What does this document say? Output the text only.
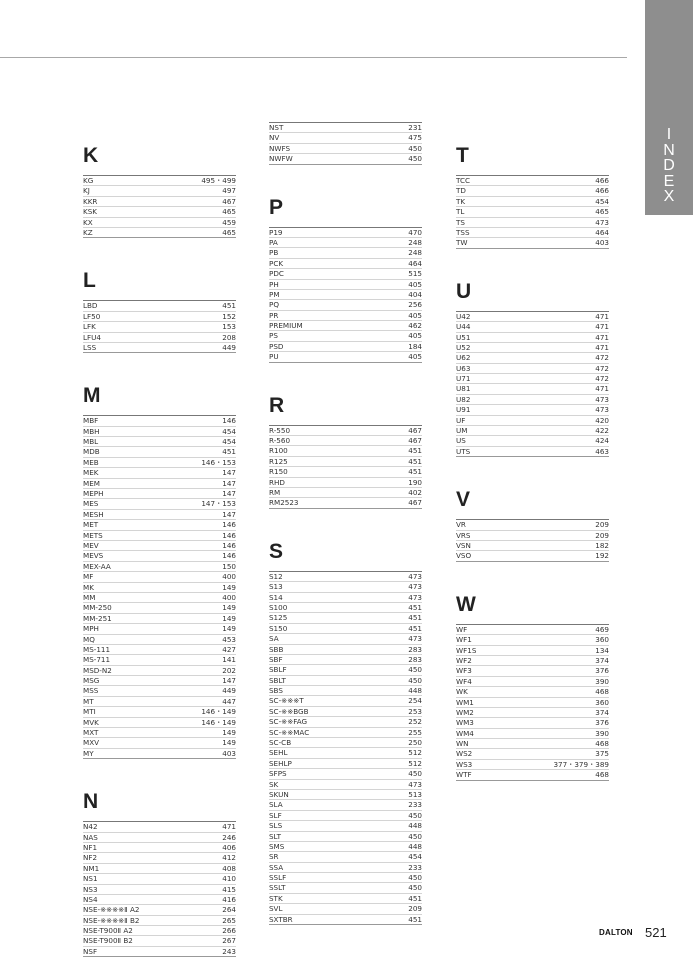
I
N
D
E
X
K
KG	495・499
KJ	497
KKR	467
KSK	465
KX	459
KZ	465
L
LBD	451
LF50	152
LFK	153
LFU4	208
LSS	449
M
MBF	146
MBH	454
MBL	454
MDB	451
MEB	146・153
MEK	147
MEM	147
MEPH	147
MES	147・153
MESH	147
MET	146
METS	146
MEV	146
MEVS	146
MEX-AA	150
MF	400
MK	149
MM	400
MM-250	149
MM-251	149
MPH	149
MQ	453
MS-111	427
MS-711	141
MSD-N2	202
MSG	147
MSS	449
MT	447
MTI	146・149
MVK	146・149
MXT	149
MXV	149
MY	403
N
N42	471
NAS	246
NF1	406
NF2	412
NM1	408
NS1	410
NS3	415
NS4	416
NSE-※※※※Ⅱ A2	264
NSE-※※※※Ⅱ B2	265
NSE-T900Ⅱ A2	266
NSE-T900Ⅱ B2	267
NSF	243
NST	231
NV	475
NWFS	450
NWFW	450
P
P19	470
PA	248
PB	248
PCK	464
PDC	515
PH	405
PM	404
PQ	256
PR	405
PREMIUM	462
PS	405
PSD	184
PU	405
R
R-550	467
R-560	467
R100	451
R125	451
R150	451
RHD	190
RM	402
RM2523	467
S
S12	473
S13	473
S14	473
S100	451
S125	451
S150	451
SA	473
SBB	283
SBF	283
SBLF	450
SBLT	450
SBS	448
SC-※※※T	254
SC-※※BGB	253
SC-※※FAG	252
SC-※※MAC	255
SC-CB	250
SEHL	512
SEHLP	512
SFPS	450
SK	473
SKUN	513
SLA	233
SLF	450
SLS	448
SLT	450
SMS	448
SR	454
SSA	233
SSLF	450
SSLT	450
STK	451
SVL	209
SXTBR	451
T
TCC	466
TD	466
TK	454
TL	465
TS	473
TSS	464
TW	403
U
U42	471
U44	471
U51	471
U52	471
U62	472
U63	472
U71	472
U81	471
U82	473
U91	473
UF	420
UM	422
US	424
UTS	463
V
VR	209
VRS	209
VSN	182
VSO	192
W
WF	469
WF1	360
WF1S	134
WF2	374
WF3	376
WF4	390
WK	468
WM1	360
WM2	374
WM3	376
WM4	390
WN	468
WS2	375
WS3	377・379・389
WTF	468
DALTON 521
